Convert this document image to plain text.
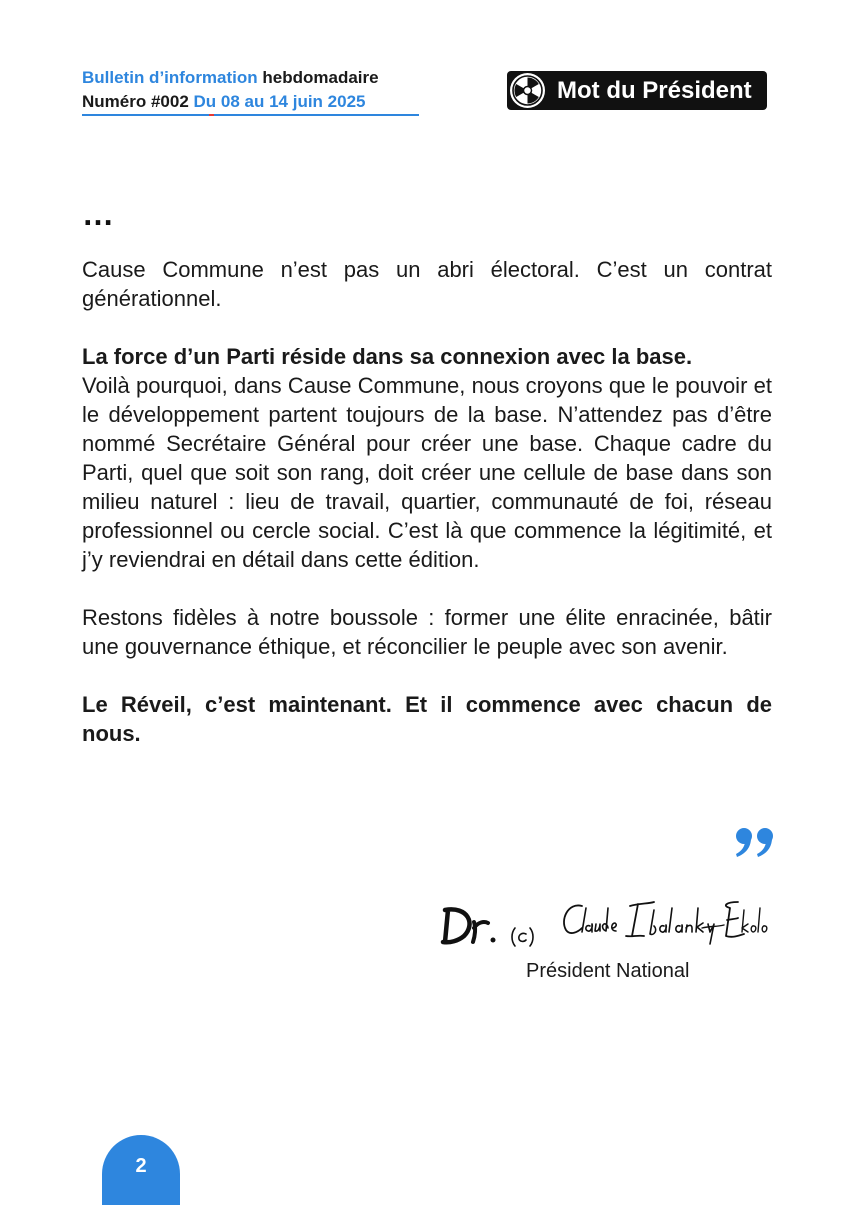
Bulletin d’information hebdomadaire
Numéro #002 Du 08 au 14 juin 2025	Mot du Président
…

Cause Commune n’est pas un abri électoral. C’est un contrat générationnel.

La force d’un Parti réside dans sa connexion avec la base.
Voilà pourquoi, dans Cause Commune, nous croyons que le pouvoir et le développement partent toujours de la base. N’attendez pas d’être nommé Secrétaire Général pour créer une base. Chaque cadre du Parti, quel que soit son rang, doit créer une cellule de base dans son milieu naturel : lieu de travail, quartier, communauté de foi, réseau professionnel ou cercle social. C’est là que commence la légitimité, et j’y reviendrai en détail dans cette édition.

Restons fidèles à notre boussole : former une élite enracinée, bâtir une gouvernance éthique, et réconcilier le peuple avec son avenir.

Le Réveil, c’est maintenant. Et il commence avec chacun de nous.

Président National
2
